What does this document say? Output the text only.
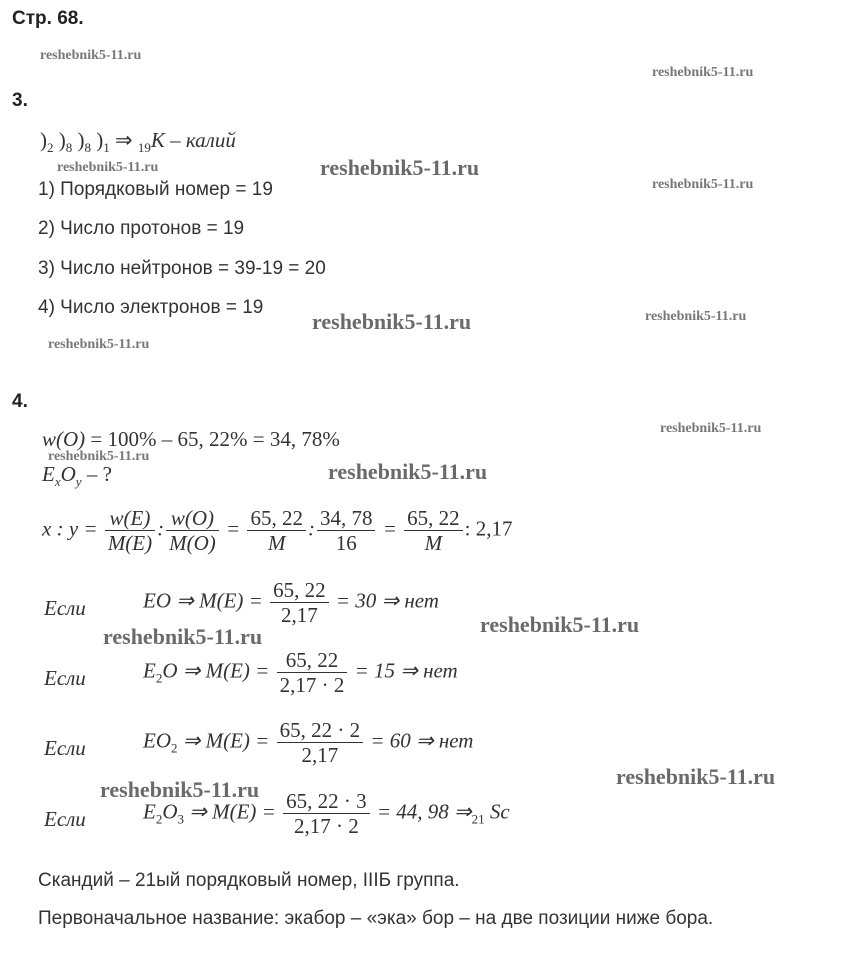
Стр. 68.
reshebnik5-11.ru
reshebnik5-11.ru
reshebnik5-11.ru	reshebnik5-11.ru
reshebnik5-11.ru
reshebnik5-11.ru	reshebnik5-11.ru
reshebnik5-11.ru
reshebnik5-11.ru
reshebnik5-11.ru
reshebnik5-11.ru
reshebnik5-11.ru
reshebnik5-11.ru
reshebnik5-11.ru
reshebnik5-11.ru
3.
)$_2$ )$_8$ )$_8$ )$_1$ ⇒ $_{19}$K – калий
1) Порядковый номер = 19
2) Число протонов = 19
3) Число нейтронов = 39-19 = 20
4) Число электронов = 19
4.
w(O) = 100% – 65, 22% = 34, 78%
$E_xO_y$ – ?
x : $y = \frac{w(E)}{M(E)}$ : $\frac{w(O)}{M(O)} = \frac{65, 22}{M}$ : $\frac{34, 78}{16} = \frac{65, 22}{M}$ : 2,17
Если	EO ⇒ $M(E) = \frac{65, 22}{2,17} = 30$ ⇒ нет
Если	$E_2O$ ⇒ $M(E) = \frac{65, 22}{2,17 \cdot 2} = 15$ ⇒ нет
Если	$EO_2$ ⇒ $M(E) = \frac{65, 22 \cdot 2}{2,17} = 60$ ⇒ нет
Если	$E_2O_3$ ⇒ $M(E) = \frac{65, 22 \cdot 3}{2,17 \cdot 2} = 44$, 98 $\Rightarrow_{21}$ Sc
Скандий – 21ый порядковый номер, IIIБ группа.
Первоначальное название: экабор – «эка» бор – на две позиции ниже бора.
